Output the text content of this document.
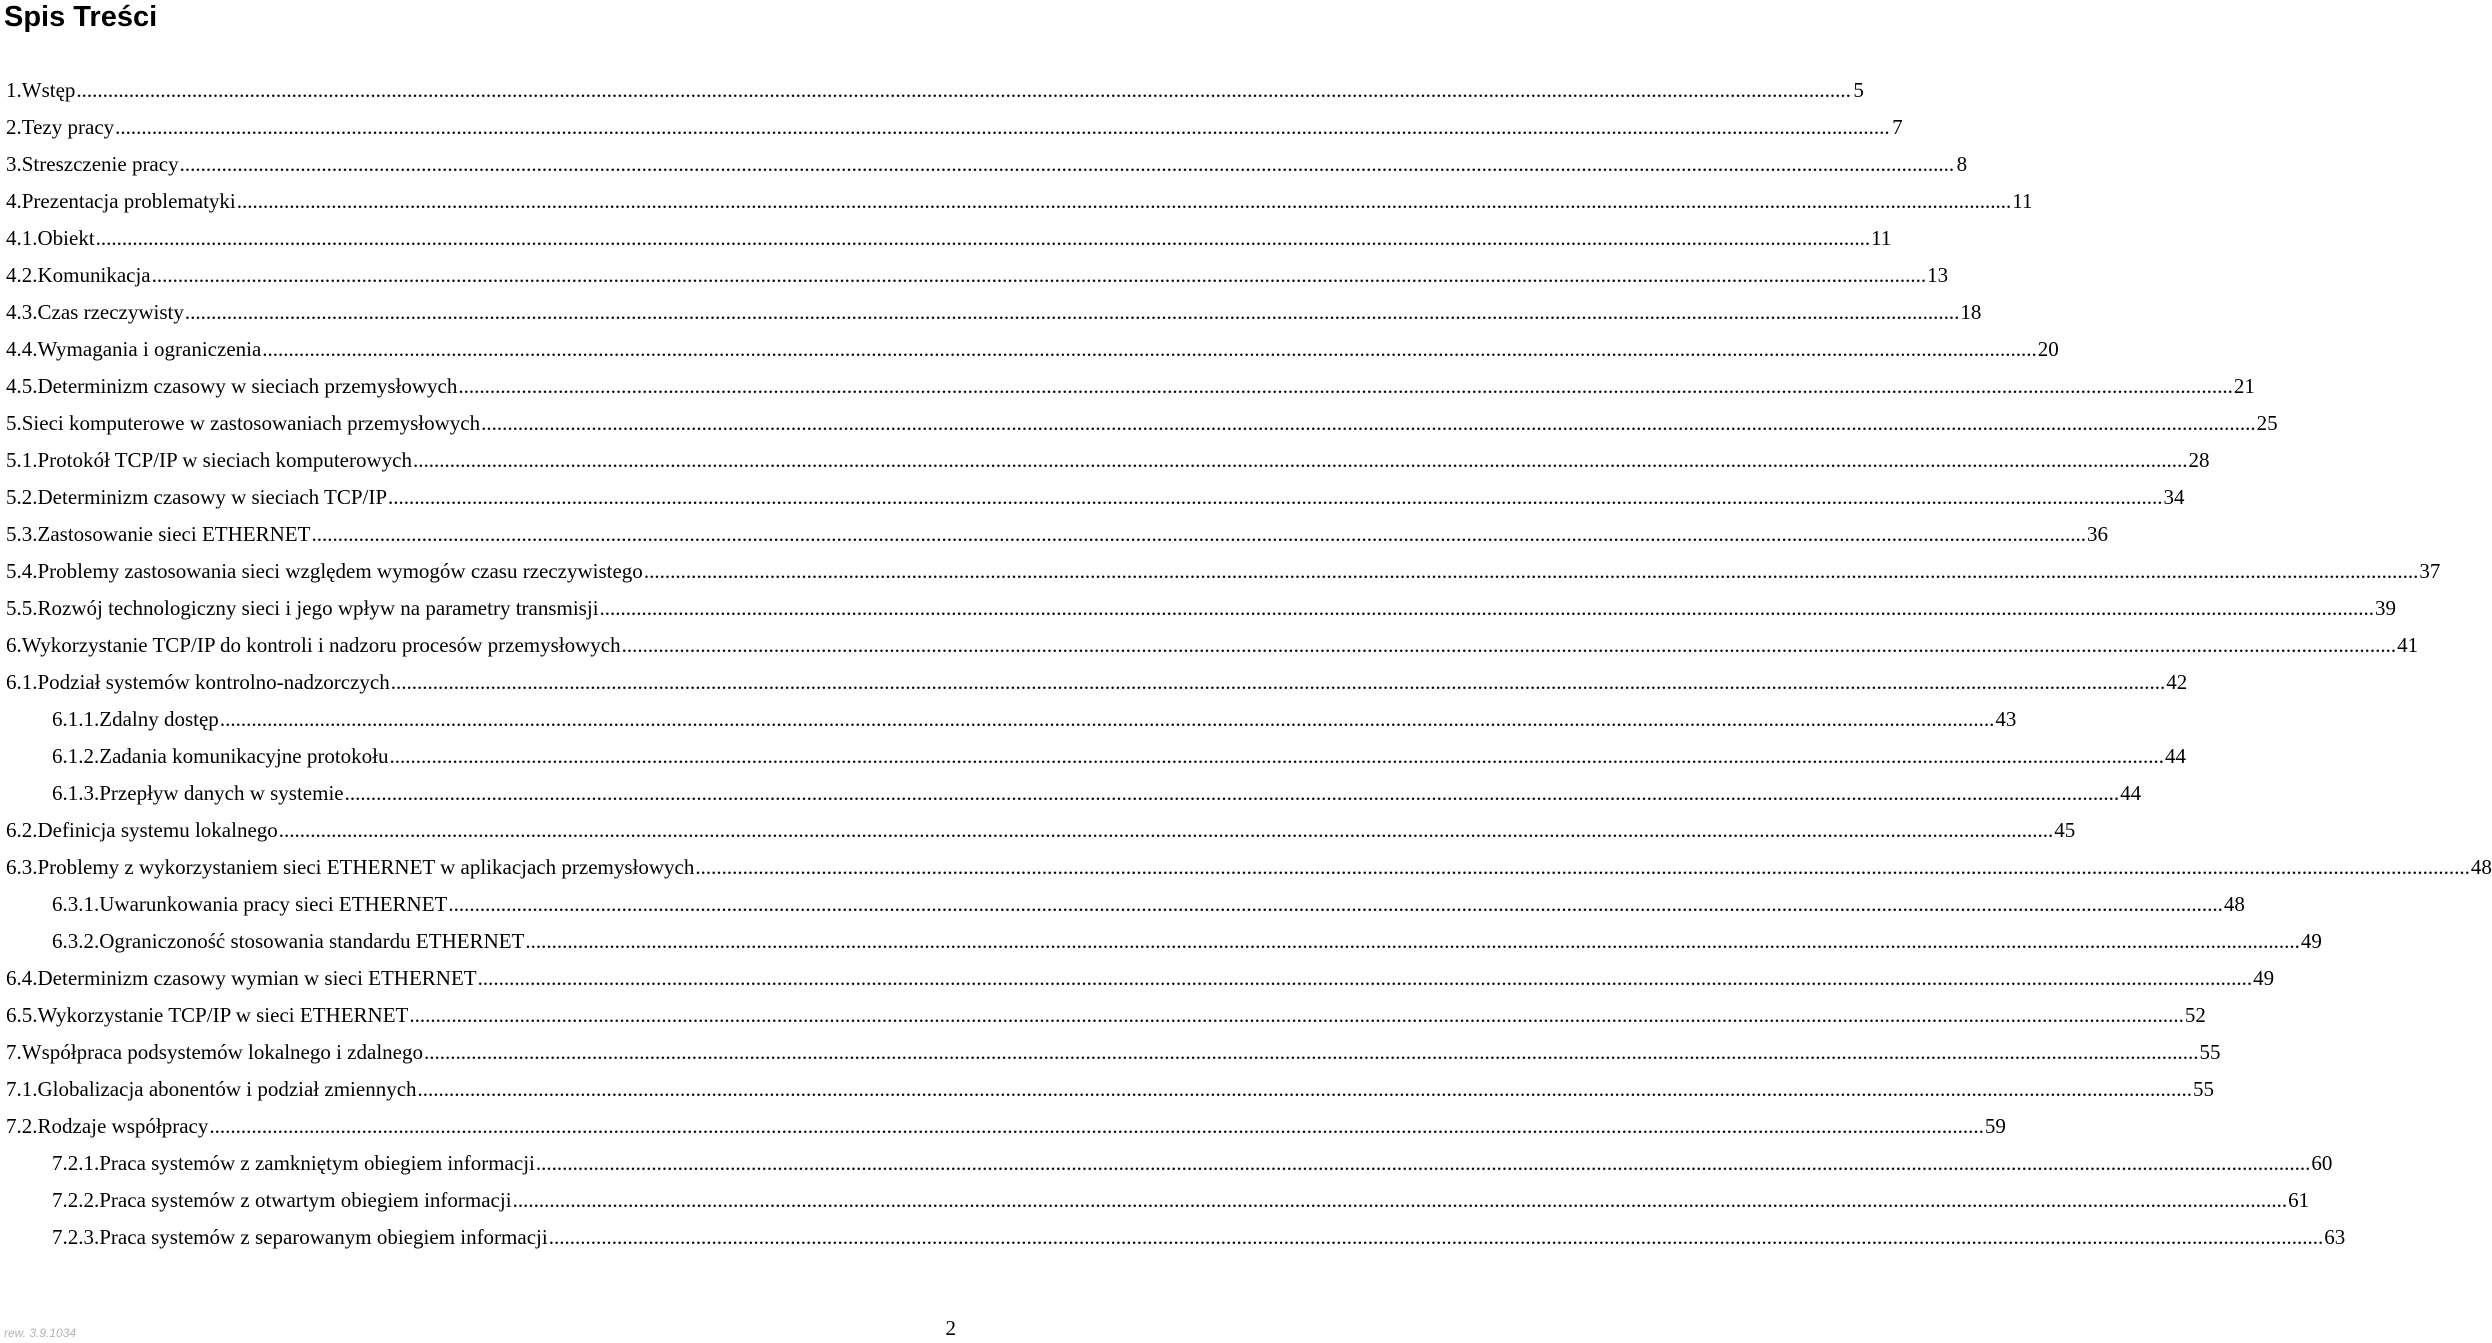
Spis Treści
1. Wstęp .....	5
2. Tezy pracy .....	7
3. Streszczenie pracy .....	8
4. Prezentacja problematyki .....	11
4.1. Obiekt .....	11
4.2. Komunikacja .....	13
4.3. Czas rzeczywisty .....	18
4.4. Wymagania i ograniczenia .....	20
4.5. Determinizm czasowy w sieciach przemysłowych .....	21
5. Sieci komputerowe w zastosowaniach przemysłowych .....	25
5.1. Protokół TCP/IP w sieciach komputerowych .....	28
5.2. Determinizm czasowy w sieciach TCP/IP .....	34
5.3. Zastosowanie sieci ETHERNET .....	36
5.4. Problemy zastosowania sieci względem wymogów czasu rzeczywistego .....	37
5.5. Rozwój technologiczny sieci i jego wpływ na parametry transmisji .....	39
6. Wykorzystanie TCP/IP do kontroli i nadzoru procesów przemysłowych .....	41
6.1. Podział systemów kontrolno-nadzorczych .....	42
6.1.1. Zdalny dostęp .....	43
6.1.2. Zadania komunikacyjne protokołu .....	44
6.1.3. Przepływ danych w systemie .....	44
6.2. Definicja systemu lokalnego .....	45
6.3. Problemy z wykorzystaniem sieci ETHERNET w aplikacjach przemysłowych .....	48
6.3.1. Uwarunkowania pracy sieci ETHERNET .....	48
6.3.2. Ograniczoność stosowania standardu ETHERNET .....	49
6.4. Determinizm czasowy wymian w sieci ETHERNET .....	49
6.5. Wykorzystanie TCP/IP w sieci ETHERNET .....	52
7. Współpraca podsystemów lokalnego i zdalnego .....	55
7.1. Globalizacja abonentów i podział zmiennych .....	55
7.2. Rodzaje współpracy .....	59
7.2.1. Praca systemów z zamkniętym obiegiem informacji .....	60
7.2.2. Praca systemów z otwartym obiegiem informacji .....	61
7.2.3. Praca systemów z separowanym obiegiem informacji .....	63
rew. 3.9.1034	2
